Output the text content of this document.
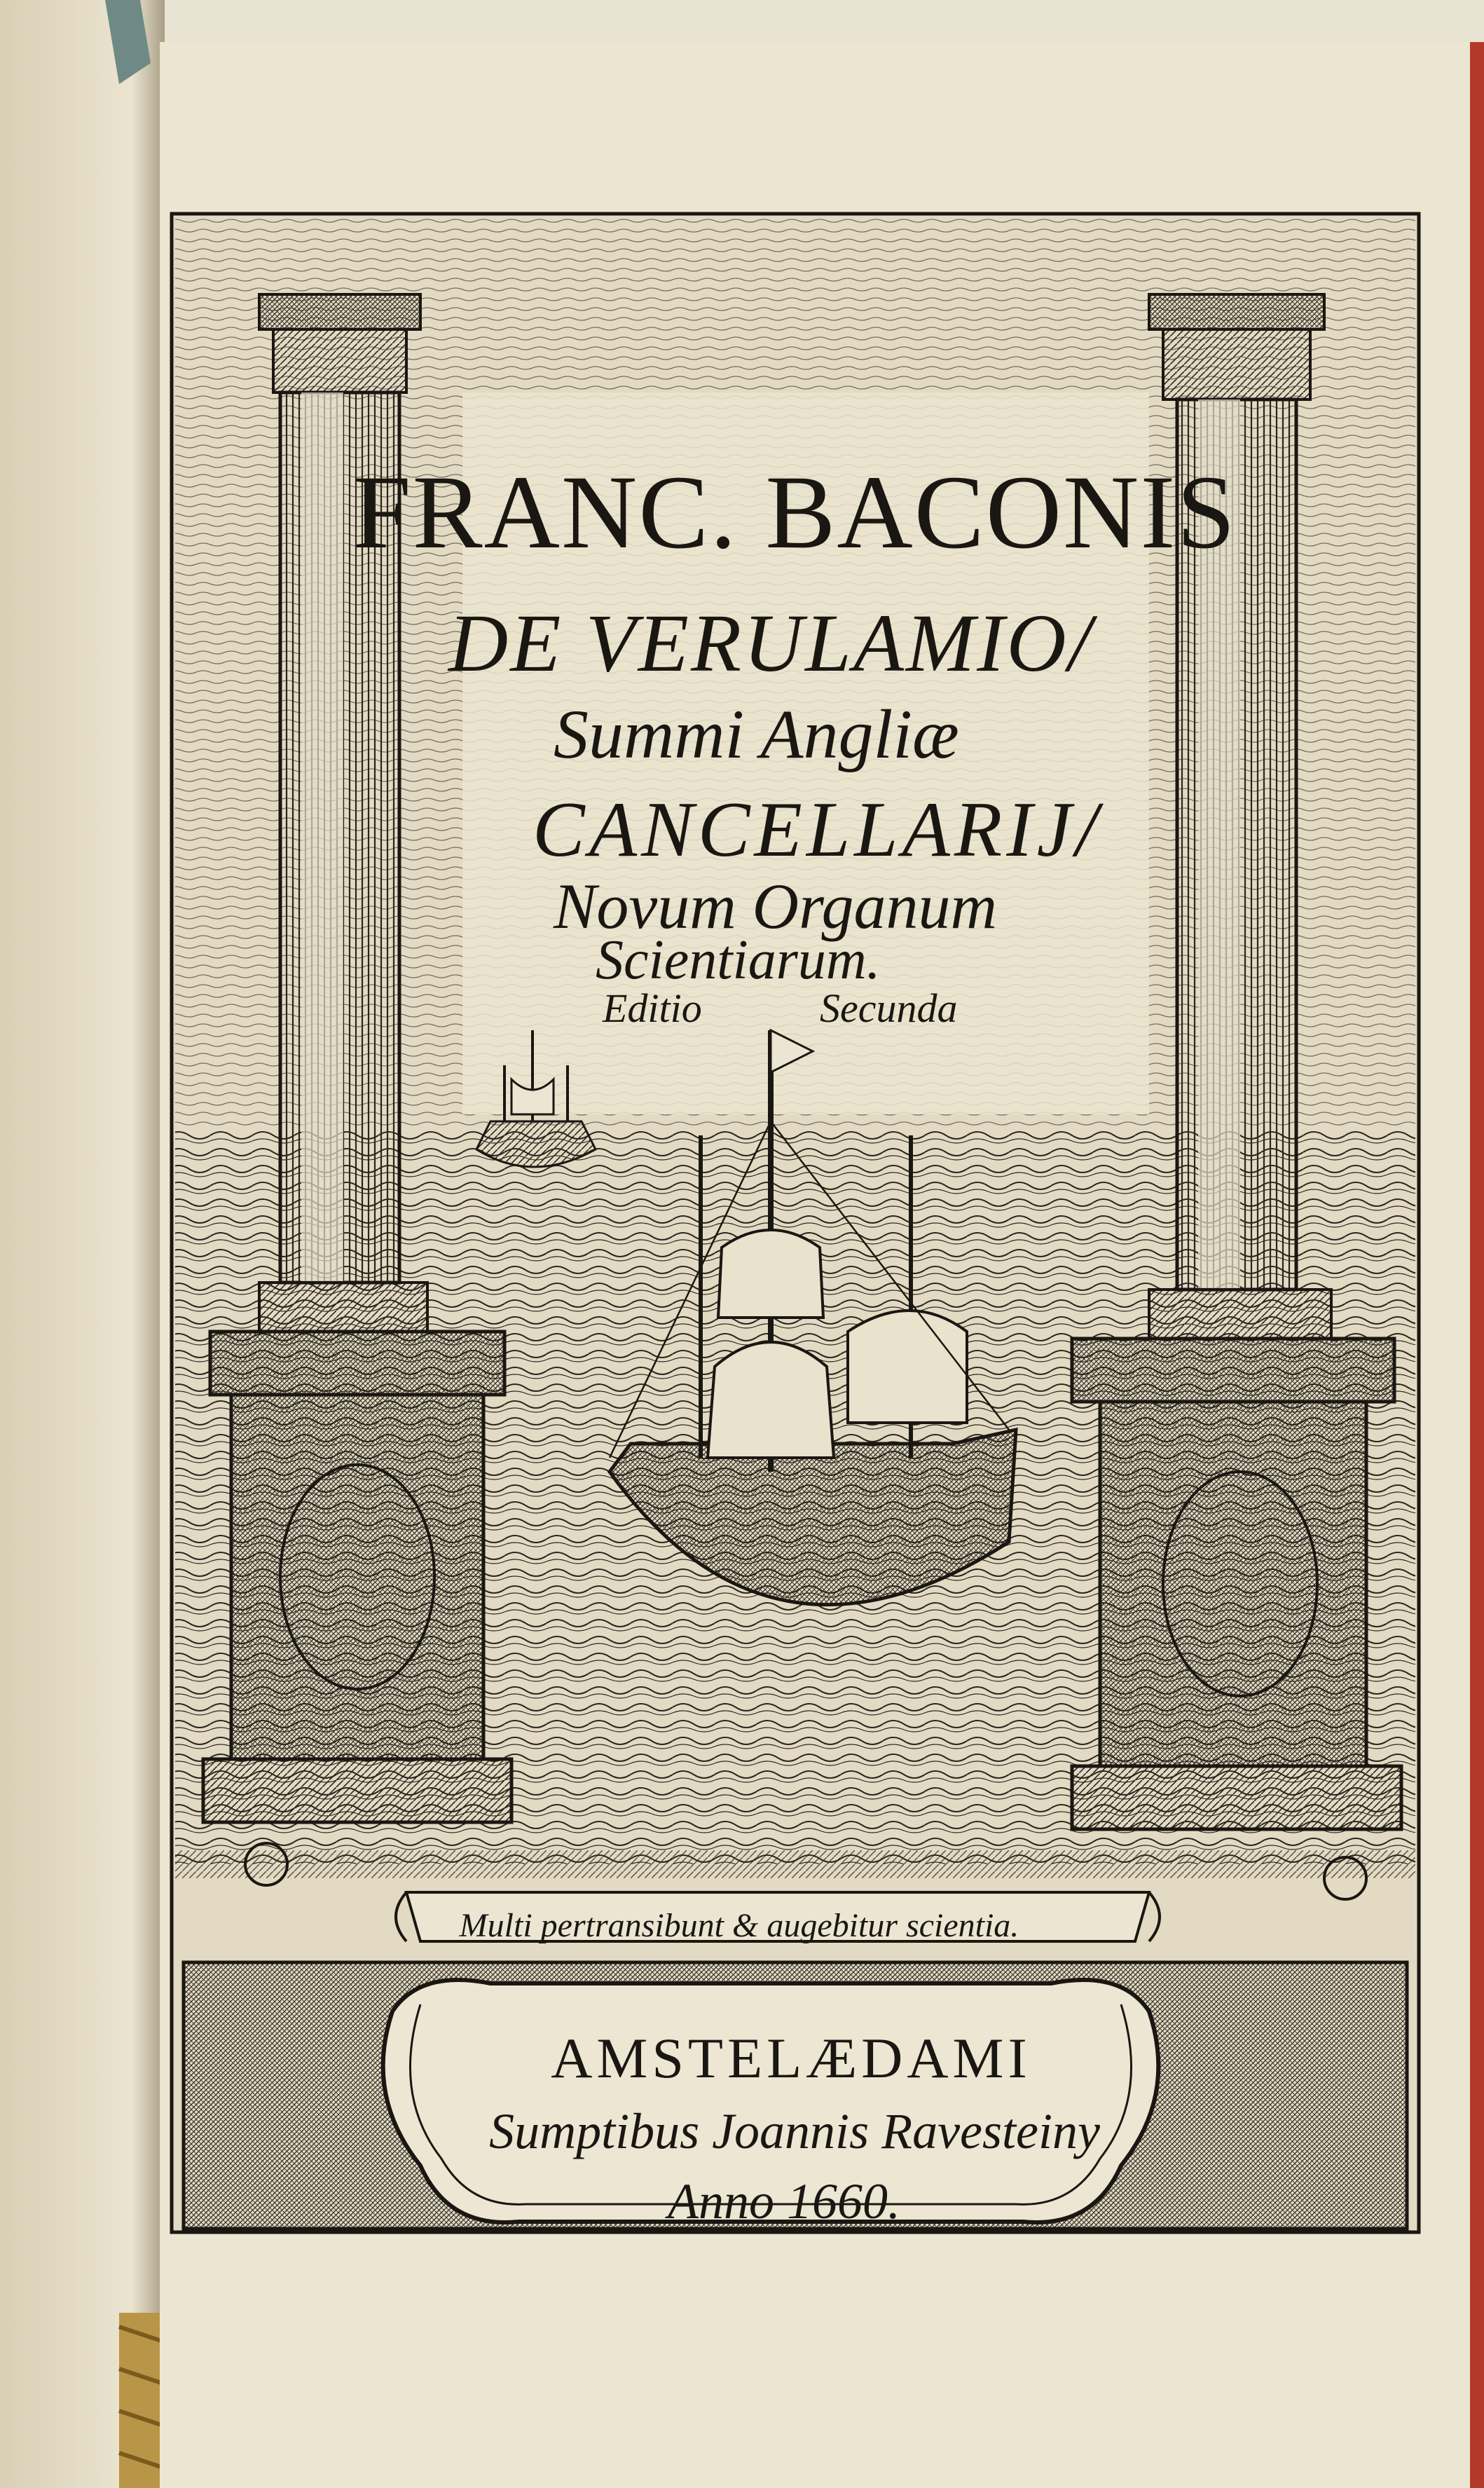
FRANC. BACONIS
DE VERULAMIO/
Summi Angliæ
CANCELLARIJ/
Novum Organum
Scientiarum.
Editio	Secunda
Multi pertransibunt & augebitur scientia.
AMSTELÆDAMI
Sumptibus Joannis Ravesteiny
Anno 1660.
